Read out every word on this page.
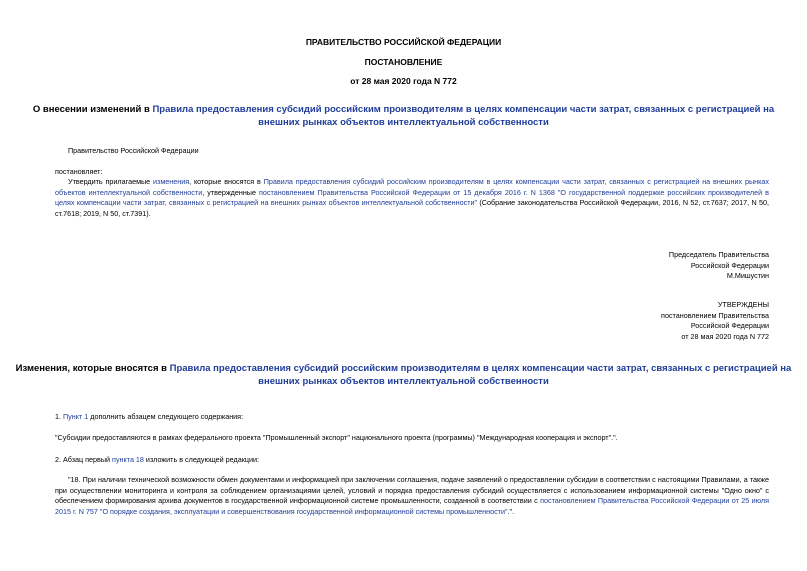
ПРАВИТЕЛЬСТВО РОССИЙСКОЙ ФЕДЕРАЦИИ
ПОСТАНОВЛЕНИЕ
от 28 мая 2020 года N 772
О внесении изменений в Правила предоставления субсидий российским производителям в целях компенсации части затрат, связанных с регистрацией на
внешних рынках объектов интеллектуальной собственности
Правительство Российской Федерации
постановляет:
Утвердить прилагаемые изменения, которые вносятся в Правила предоставления субсидий российским производителям в целях компенсации части затрат, связанных с регистрацией на внешних рынках объектов интеллектуальной собственности, утвержденные постановлением Правительства Российской Федерации от 15 декабря 2016 г. N 1368 "О государственной поддержке российских производителей в целях компенсации части затрат, связанных с регистрацией на внешних рынках объектов интеллектуальной собственности" (Собрание законодательства Российской Федерации, 2016, N 52, ст.7637; 2017, N 50, ст.7618; 2019, N 50, ст.7391).
Председатель Правительства
Российской Федерации
М.Мишустин
УТВЕРЖДЕНЫ
постановлением Правительства
Российской Федерации
от 28 мая 2020 года N 772
Изменения, которые вносятся в Правила предоставления субсидий российским производителям в целях компенсации части затрат, связанных с регистрацией на
внешних рынках объектов интеллектуальной собственности
1. Пункт 1 дополнить абзацем следующего содержания:
"Субсидии предоставляются в рамках федерального проекта "Промышленный экспорт" национального проекта (программы) "Международная кооперация и экспорт".".
2. Абзац первый пункта 18 изложить в следующей редакции:
"18. При наличии технической возможности обмен документами и информацией при заключении соглашения, подаче заявлений о предоставлении субсидии в соответствии с настоящими Правилами, а также при осуществлении мониторинга и контроля за соблюдением организациями целей, условий и порядка предоставления субсидий осуществляется с использованием информационной системы "Одно окно" с обеспечением формирования архива документов в государственной информационной системе промышленности, созданной в соответствии с постановлением Правительства Российской Федерации от 25 июля 2015 г. N 757 "О порядке создания, эксплуатации и совершенствования государственной информационной системы промышленности".".
